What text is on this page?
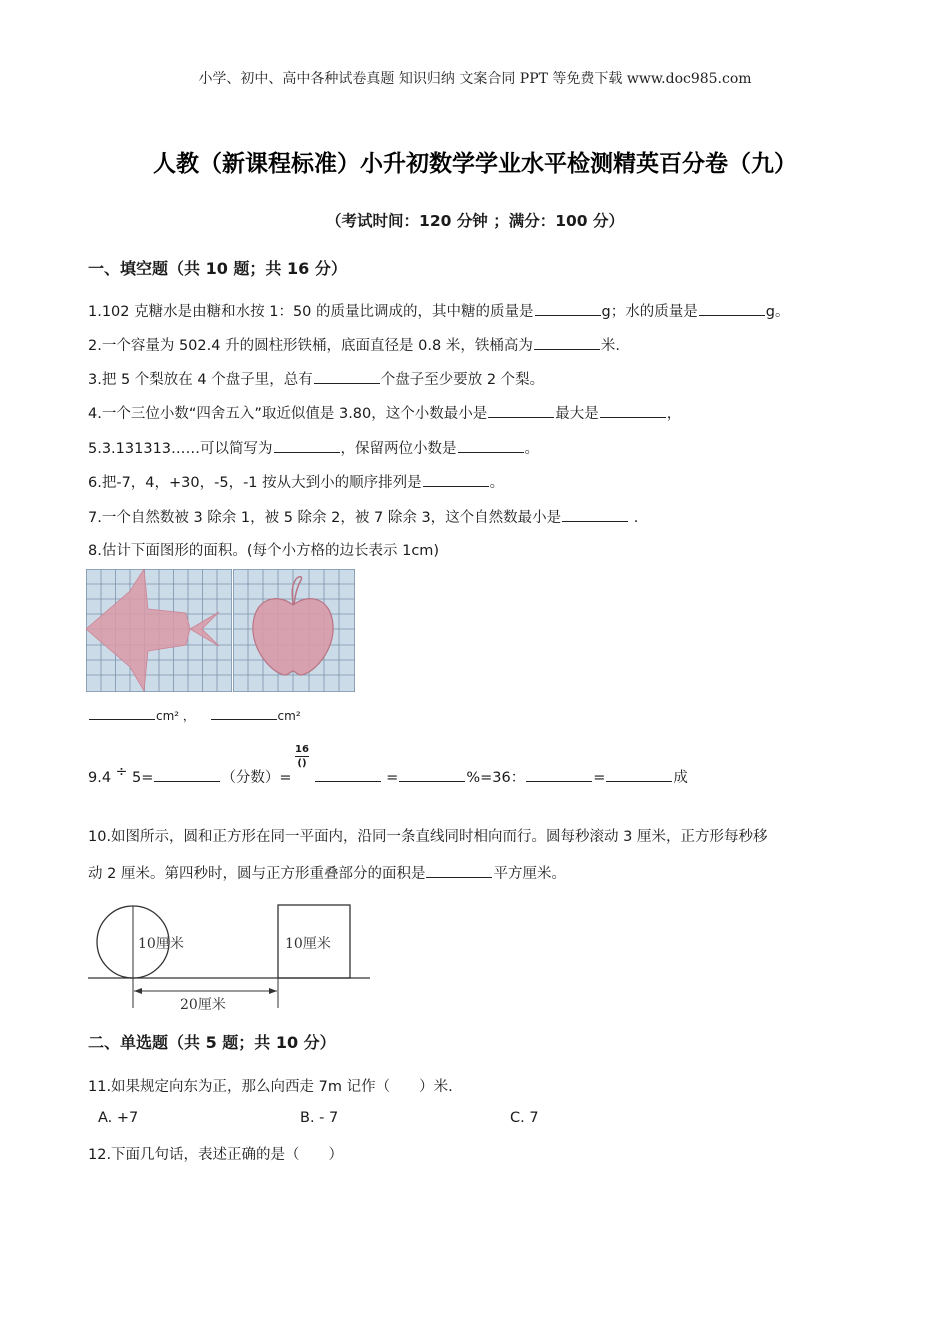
小学、初中、高中各种试卷真题 知识归纳 文案合同 PPT 等免费下载 www.doc985.com
人教（新课程标准）小升初数学学业水平检测精英百分卷（九）
（考试时间：120 分钟 ；满分：100 分）
一、填空题（共 10 题；共 16 分）
1.102 克糖水是由糖和水按 1：50 的质量比调成的，其中糖的质量是	g；水的质量是	g。
2.一个容量为 502.4 升的圆柱形铁桶，底面直径是 0.8 米，铁桶高为	米.
3.把 5 个梨放在 4 个盘子里，总有	个盘子至少要放 2 个梨。
4.一个三位小数“四舍五入”取近似值是 3.80，这个小数最小是	最大是	，
5.3.131313……可以简写为	，保留两位小数是	。
6.把-7，4，+30，-5，-1 按从大到小的顺序排列是	。
7.一个自然数被 3 除余 1，被 5 除余 2，被 7 除余 3，这个自然数最小是	.
8.估计下面图形的面积。(每个小方格的边长表示 1cm)
cm² ，	cm²
9.4 ÷ 5=	（分数）=	=	%=36：	=	成
16
()
10.如图所示，圆和正方形在同一平面内，沿同一条直线同时相向而行。圆每秒滚动 3 厘米，正方形每秒移
动 2 厘米。第四秒时，圆与正方形重叠部分的面积是	平方厘米。
10厘米	10厘米
20厘米
二、单选题（共 5 题；共 10 分）
11.如果规定向东为正，那么向西走 7m 记作（　　）米.
A. +7	B. - 7	C. 7
12.下面几句话，表述正确的是（　　）
